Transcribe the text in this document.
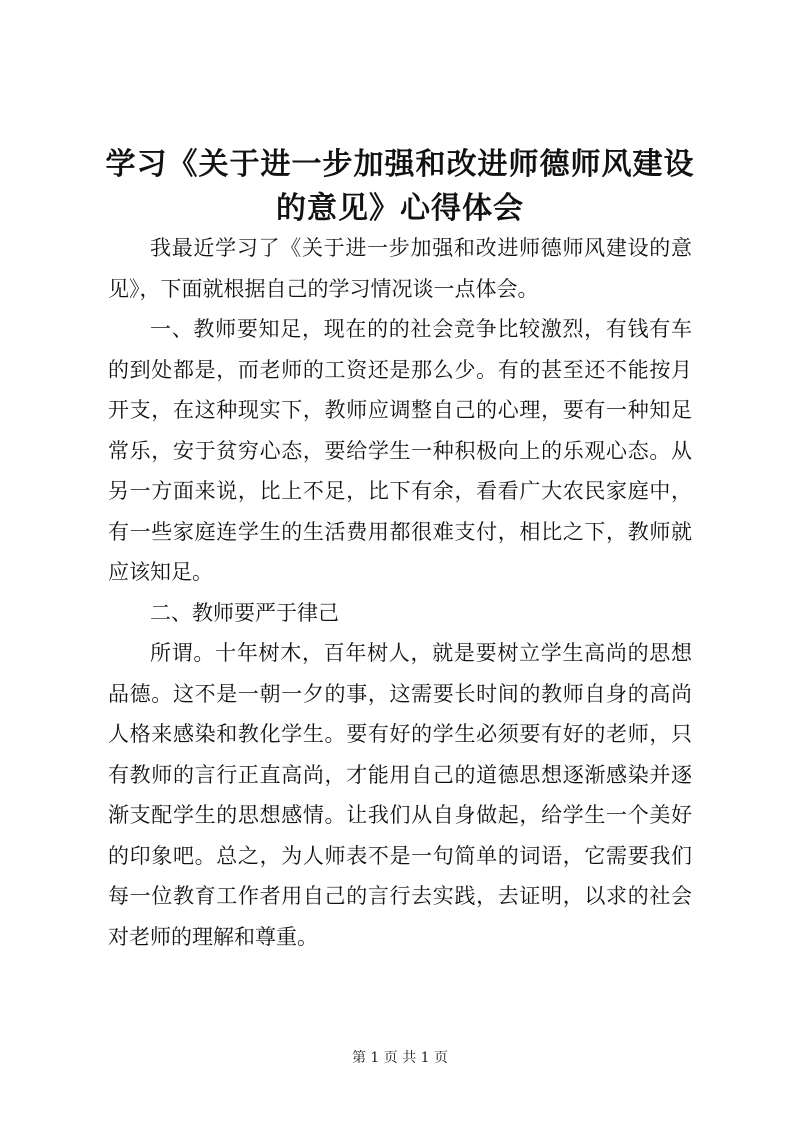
学习《关于进一步加强和改进师德师风建设的意见》心得体会

我最近学习了《关于进一步加强和改进师德师风建设的意见》，下面就根据自己的学习情况谈一点体会。

一、教师要知足，现在的的社会竞争比较激烈，有钱有车的到处都是，而老师的工资还是那么少。有的甚至还不能按月开支，在这种现实下，教师应调整自己的心理，要有一种知足常乐，安于贫穷心态，要给学生一种积极向上的乐观心态。从另一方面来说，比上不足，比下有余，看看广大农民家庭中，有一些家庭连学生的生活费用都很难支付，相比之下，教师就应该知足。

二、教师要严于律己

所谓。十年树木，百年树人，就是要树立学生高尚的思想品德。这不是一朝一夕的事，这需要长时间的教师自身的高尚人格来感染和教化学生。要有好的学生必须要有好的老师，只有教师的言行正直高尚，才能用自己的道德思想逐渐感染并逐渐支配学生的思想感情。让我们从自身做起，给学生一个美好的印象吧。总之，为人师表不是一句简单的词语，它需要我们每一位教育工作者用自己的言行去实践，去证明，以求的社会对老师的理解和尊重。

第 1 页 共 1 页
